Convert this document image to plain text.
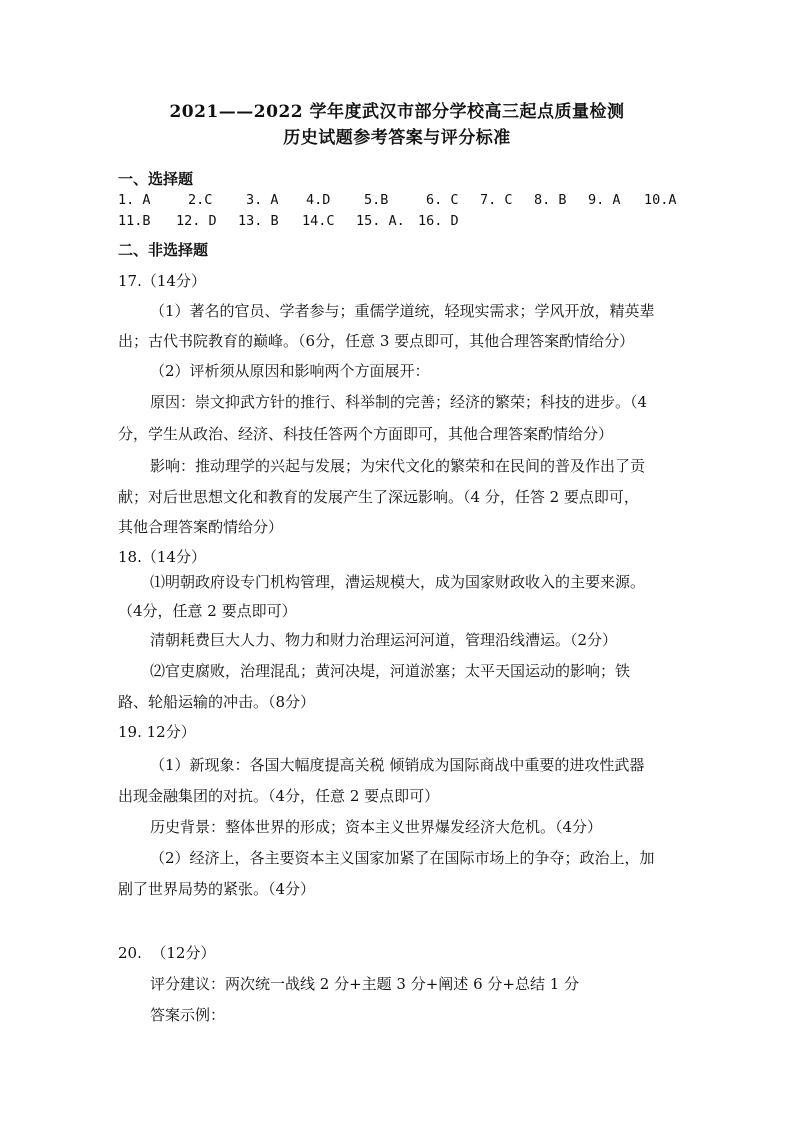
2021——2022 学年度武汉市部分学校高三起点质量检测
历史试题参考答案与评分标准
一、选择题
1. A	2.C	3. A	4.D	5.B	6. C	7. C	8. B	9. A	10.A
11.B	12. D	13. B	14.C	15. A. 16. D
二、非选择题
17.（14分）
（1）著名的官员、学者参与；重儒学道统，轻现实需求；学风开放，精英辈
出；古代书院教育的巅峰。（6分，任意 3 要点即可，其他合理答案酌情给分）
（2）评析须从原因和影响两个方面展开：
原因：崇文抑武方针的推行、科举制的完善；经济的繁荣；科技的进步。（4
分，学生从政治、经济、科技任答两个方面即可，其他合理答案酌情给分）
影响：推动理学的兴起与发展；为宋代文化的繁荣和在民间的普及作出了贡
献；对后世思想文化和教育的发展产生了深远影响。（4 分，任答 2 要点即可，
其他合理答案酌情给分）
18.（14分）
⑴明朝政府设专门机构管理，漕运规模大，成为国家财政收入的主要来源。
（4分，任意 2 要点即可）
清朝耗费巨大人力、物力和财力治理运河河道，管理沿线漕运。（2分）
⑵官吏腐败，治理混乱；黄河决堤，河道淤塞；太平天国运动的影响；铁
路、轮船运输的冲击。（8分）
19. 12分）
（1）新现象：各国大幅度提高关税 倾销成为国际商战中重要的进攻性武器
出现金融集团的对抗。（4分，任意 2 要点即可）
历史背景：整体世界的形成；资本主义世界爆发经济大危机。（4分）
（2）经济上，各主要资本主义国家加紧了在国际市场上的争夺；政治上，加
剧了世界局势的紧张。（4分）
20.  （12分）
评分建议：两次统一战线 2 分+主题 3 分+阐述 6 分+总结 1 分
答案示例：
